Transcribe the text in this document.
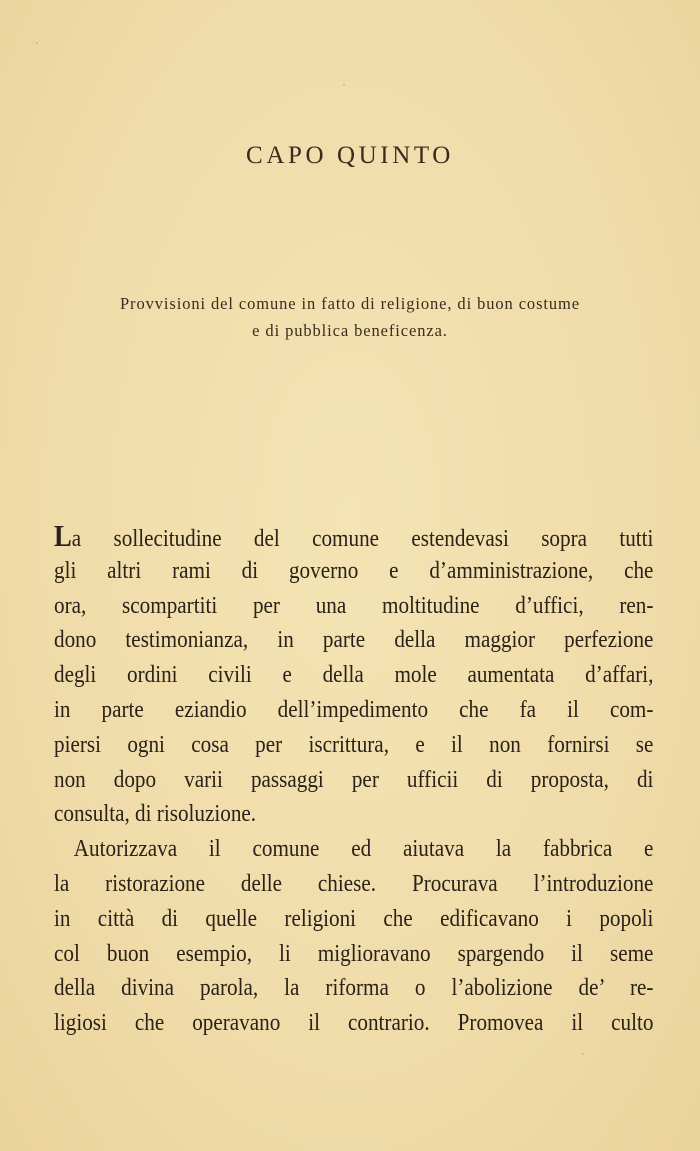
CAPO QUINTO
Provvisioni del comune in fatto di religione, di buon costume
e di pubblica beneficenza.
La sollecitudine del comune estendevasi sopra tutti
gli altri rami di governo e d’amministrazione, che
ora, scompartiti per una moltitudine d’uffici, ren-
dono testimonianza, in parte della maggior perfezione
degli ordini civili e della mole aumentata d’affari,
in parte eziandio dell’impedimento che fa il com-
piersi ogni cosa per iscrittura, e il non fornirsi se
non dopo varii passaggi per ufficii di proposta, di
consulta, di risoluzione.
Autorizzava il comune ed aiutava la fabbrica e
la ristorazione delle chiese. Procurava l’introduzione
in città di quelle religioni che edificavano i popoli
col buon esempio, li miglioravano spargendo il seme
della divina parola, la riforma o l’abolizione de’ re-
ligiosi che operavano il contrario. Promovea il culto
